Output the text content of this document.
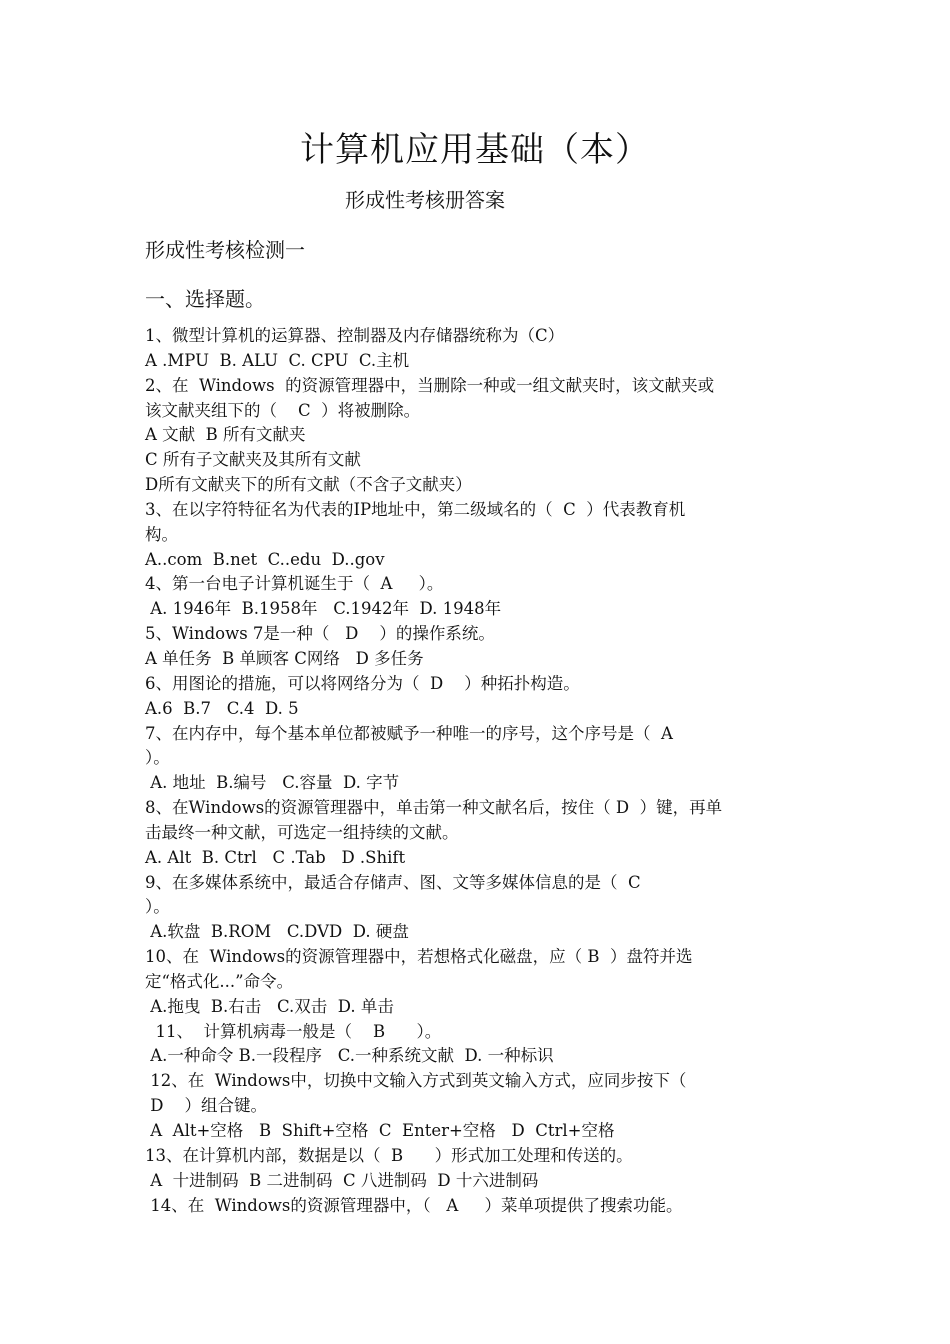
计算机应用基础（本）
形成性考核册答案
形成性考核检测一
一、选择题。
1、微型计算机的运算器、控制器及内存储器统称为（C）
A .MPU  B. ALU  C. CPU  C.主机
2、在  Windows  的资源管理器中，当删除一种或一组文献夹时，该文献夹或
该文献夹组下的（    C  ）将被删除。
A 文献  B 所有文献夹
C 所有子文献夹及其所有文献
D所有文献夹下的所有文献（不含子文献夹）
3、在以字符特征名为代表的IP地址中，第二级域名的（  C  ）代表教育机
构。
A..com  B.net  C..edu  D..gov
4、第一台电子计算机诞生于（  A     ）。
A. 1946年  B.1958年   C.1942年  D. 1948年
5、Windows 7是一种（   D    ）的操作系统。
A 单任务  B 单顾客 C网络   D 多任务
6、用图论的措施，可以将网络分为（  D    ）种拓扑构造。
A.6  B.7   C.4  D. 5
7、在内存中，每个基本单位都被赋予一种唯一的序号，这个序号是（  A
）。
A. 地址  B.编号   C.容量  D. 字节
8、在Windows的资源管理器中，单击第一种文献名后，按住（ D  ）键，再单
击最终一种文献，可选定一组持续的文献。
A. Alt  B. Ctrl   C .Tab   D .Shift
9、在多媒体系统中，最适合存储声、图、文等多媒体信息的是（  C
）。
A.软盘  B.ROM   C.DVD  D. 硬盘
10、在  Windows的资源管理器中，若想格式化磁盘，应（ B  ）盘符并选
定“格式化...”命令。
A.拖曳  B.右击   C.双击  D. 单击
11、  计算机病毒一般是（    B      ）。
A.一种命令 B.一段程序   C.一种系统文献  D. 一种标识
12、在  Windows中，切换中文输入方式到英文输入方式，应同步按下（
D    ）组合键。
A  Alt+空格   B  Shift+空格  C  Enter+空格   D  Ctrl+空格
13、在计算机内部，数据是以（  B      ）形式加工处理和传送的。
A  十进制码  B 二进制码  C 八进制码  D 十六进制码
14、在  Windows的资源管理器中，（   A     ）菜单项提供了搜索功能。
